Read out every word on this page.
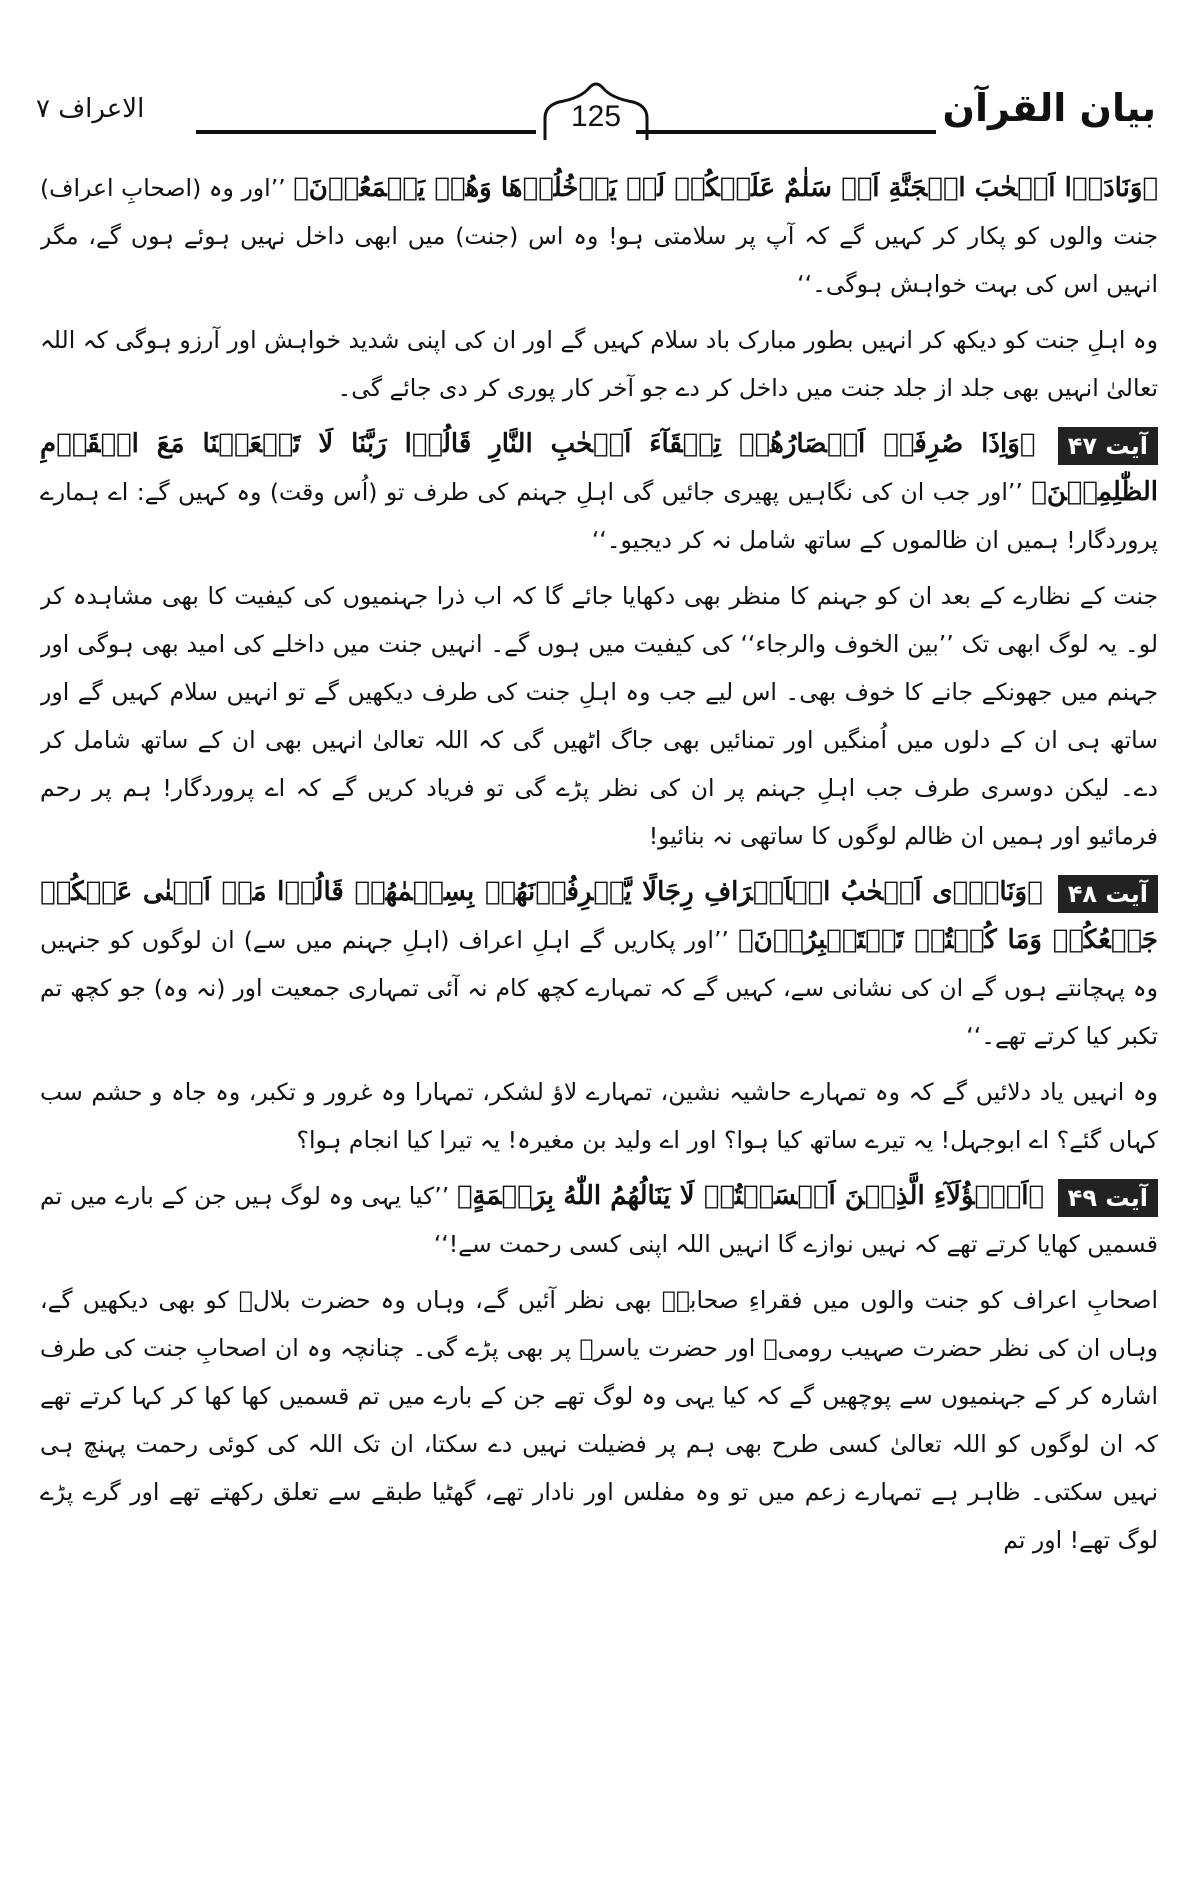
بیان القرآن
125
الاعراف ۷

﴿وَنَادَوۡا اَصۡحٰبَ الۡجَنَّةِ اَنۡ سَلٰمٌ عَلَيۡكُمۡ لَمۡ يَدۡخُلُوۡهَا وَهُمۡ يَطۡمَعُوۡنَ﴾ ’’اور وہ (اصحابِ اعراف) جنت والوں کو پکار کر کہیں گے کہ آپ پر سلامتی ہو! وہ اس (جنت) میں ابھی داخل نہیں ہوئے ہوں گے، مگر انہیں اس کی بہت خواہش ہوگی۔‘‘

وہ اہلِ جنت کو دیکھ کر انہیں بطور مبارک باد سلام کہیں گے اور ان کی اپنی شدید خواہش اور آرزو ہوگی کہ اللہ تعالیٰ انہیں بھی جلد از جلد جنت میں داخل کر دے جو آخر کار پوری کر دی جائے گی۔

آیت ۴۷ ﴿وَاِذَا صُرِفَتۡ اَبۡصَارُهُمۡ تِلۡقَآءَ اَصۡحٰبِ النَّارِ قَالُوۡا رَبَّنَا لَا تَجۡعَلۡنَا مَعَ الۡقَوۡمِ الظّٰلِمِيۡنَ﴾ ’’اور جب ان کی نگاہیں پھیری جائیں گی اہلِ جہنم کی طرف تو (اُس وقت) وہ کہیں گے: اے ہمارے پروردگار! ہمیں ان ظالموں کے ساتھ شامل نہ کر دیجیو۔‘‘

جنت کے نظارے کے بعد ان کو جہنم کا منظر بھی دکھایا جائے گا کہ اب ذرا جہنمیوں کی کیفیت کا بھی مشاہدہ کر لو۔ یہ لوگ ابھی تک ’’بین الخوف والرجاء‘‘ کی کیفیت میں ہوں گے۔ انہیں جنت میں داخلے کی امید بھی ہوگی اور جہنم میں جھونکے جانے کا خوف بھی۔ اس لیے جب وہ اہلِ جنت کی طرف دیکھیں گے تو انہیں سلام کہیں گے اور ساتھ ہی ان کے دلوں میں اُمنگیں اور تمنائیں بھی جاگ اٹھیں گی کہ اللہ تعالیٰ انہیں بھی ان کے ساتھ شامل کر دے۔ لیکن دوسری طرف جب اہلِ جہنم پر ان کی نظر پڑے گی تو فریاد کریں گے کہ اے پروردگار! ہم پر رحم فرمائیو اور ہمیں ان ظالم لوگوں کا ساتھی نہ بنائیو!

آیت ۴۸ ﴿وَنَادٰۤى اَصۡحٰبُ الۡاَعۡرَافِ رِجَالًا يَّعۡرِفُوۡنَهُمۡ بِسِيۡمٰهُمۡ قَالُوۡا مَاۤ اَغۡنٰى عَنۡكُمۡ جَمۡعُكُمۡ وَمَا كُنۡتُمۡ تَسۡتَكۡبِرُوۡنَ﴾ ’’اور پکاریں گے اہلِ اعراف (اہلِ جہنم میں سے) ان لوگوں کو جنہیں وہ پہچانتے ہوں گے ان کی نشانی سے، کہیں گے کہ تمہارے کچھ کام نہ آئی تمہاری جمعیت اور (نہ وہ) جو کچھ تم تکبر کیا کرتے تھے۔‘‘

وہ انہیں یاد دلائیں گے کہ وہ تمہارے حاشیہ نشین، تمہارے لاؤ لشکر، تمہارا وہ غرور و تکبر، وہ جاہ و حشم سب کہاں گئے؟ اے ابوجہل! یہ تیرے ساتھ کیا ہوا؟ اور اے ولید بن مغیرہ! یہ تیرا کیا انجام ہوا؟

آیت ۴۹ ﴿اَهٰۤؤُلَآءِ الَّذِيۡنَ اَقۡسَمۡتُمۡ لَا يَنَالُهُمُ اللّٰهُ بِرَحۡمَةٍ﴾ ’’کیا یہی وہ لوگ ہیں جن کے بارے میں تم قسمیں کھایا کرتے تھے کہ نہیں نوازے گا انہیں اللہ اپنی کسی رحمت سے!‘‘

اصحابِ اعراف کو جنت والوں میں فقراءِ صحابہؓ بھی نظر آئیں گے، وہاں وہ حضرت بلالؓ کو بھی دیکھیں گے، وہاں ان کی نظر حضرت صہیب رومیؓ اور حضرت یاسرؓ پر بھی پڑے گی۔ چنانچہ وہ ان اصحابِ جنت کی طرف اشارہ کر کے جہنمیوں سے پوچھیں گے کہ کیا یہی وہ لوگ تھے جن کے بارے میں تم قسمیں کھا کھا کر کہا کرتے تھے کہ ان لوگوں کو اللہ تعالیٰ کسی طرح بھی ہم پر فضیلت نہیں دے سکتا، ان تک اللہ کی کوئی رحمت پہنچ ہی نہیں سکتی۔ ظاہر ہے تمہارے زعم میں تو وہ مفلس اور نادار تھے، گھٹیا طبقے سے تعلق رکھتے تھے اور گرے پڑے لوگ تھے! اور تم
